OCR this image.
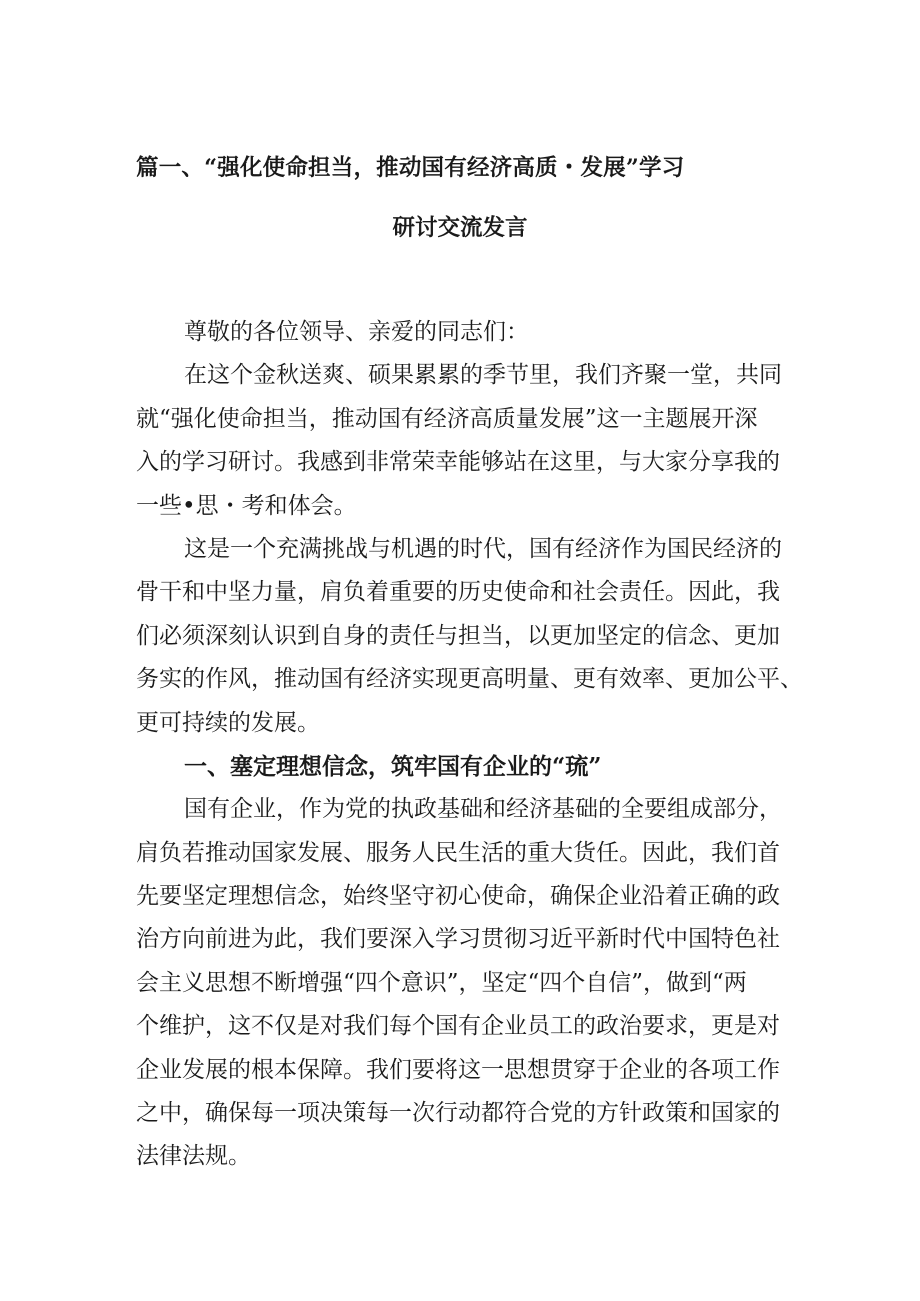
篇一、“强化使命担当，推动国有经济高质・发展”学习
研讨交流发言
尊敬的各位领导、亲爱的同志们：
在这个金秋送爽、硕果累累的季节里，我们齐聚一堂，共同
就“强化使命担当，推动国有经济高质量发展”这一主题展开深
入的学习研讨。我感到非常荣幸能够站在这里，与大家分享我的
一些•思・考和体会。
这是一个充满挑战与机遇的时代，国有经济作为国民经济的
骨干和中坚力量，肩负着重要的历史使命和社会责任。因此，我
们必须深刻认识到自身的责任与担当，以更加坚定的信念、更加
务实的作风，推动国有经济实现更高明量、更有效率、更加公平、
更可持续的发展。
一、塞定理想信念，筑牢国有企业的“琉”
国有企业，作为党的执政基础和经济基础的全要组成部分，
肩负若推动国家发展、服务人民生活的重大货任。因此，我们首
先要坚定理想信念，始终坚守初心使命，确保企业沿着正确的政
治方向前进为此，我们要深入学习贯彻习近平新时代中国特色社
会主义思想不断增强“四个意识”，坚定“四个自信”，做到“两
个维护，这不仅是对我们每个国有企业员工的政治要求，更是对
企业发展的根本保障。我们要将这一思想贯穿于企业的各项工作
之中，确保每一项决策每一次行动都符合党的方针政策和国家的
法律法规。
